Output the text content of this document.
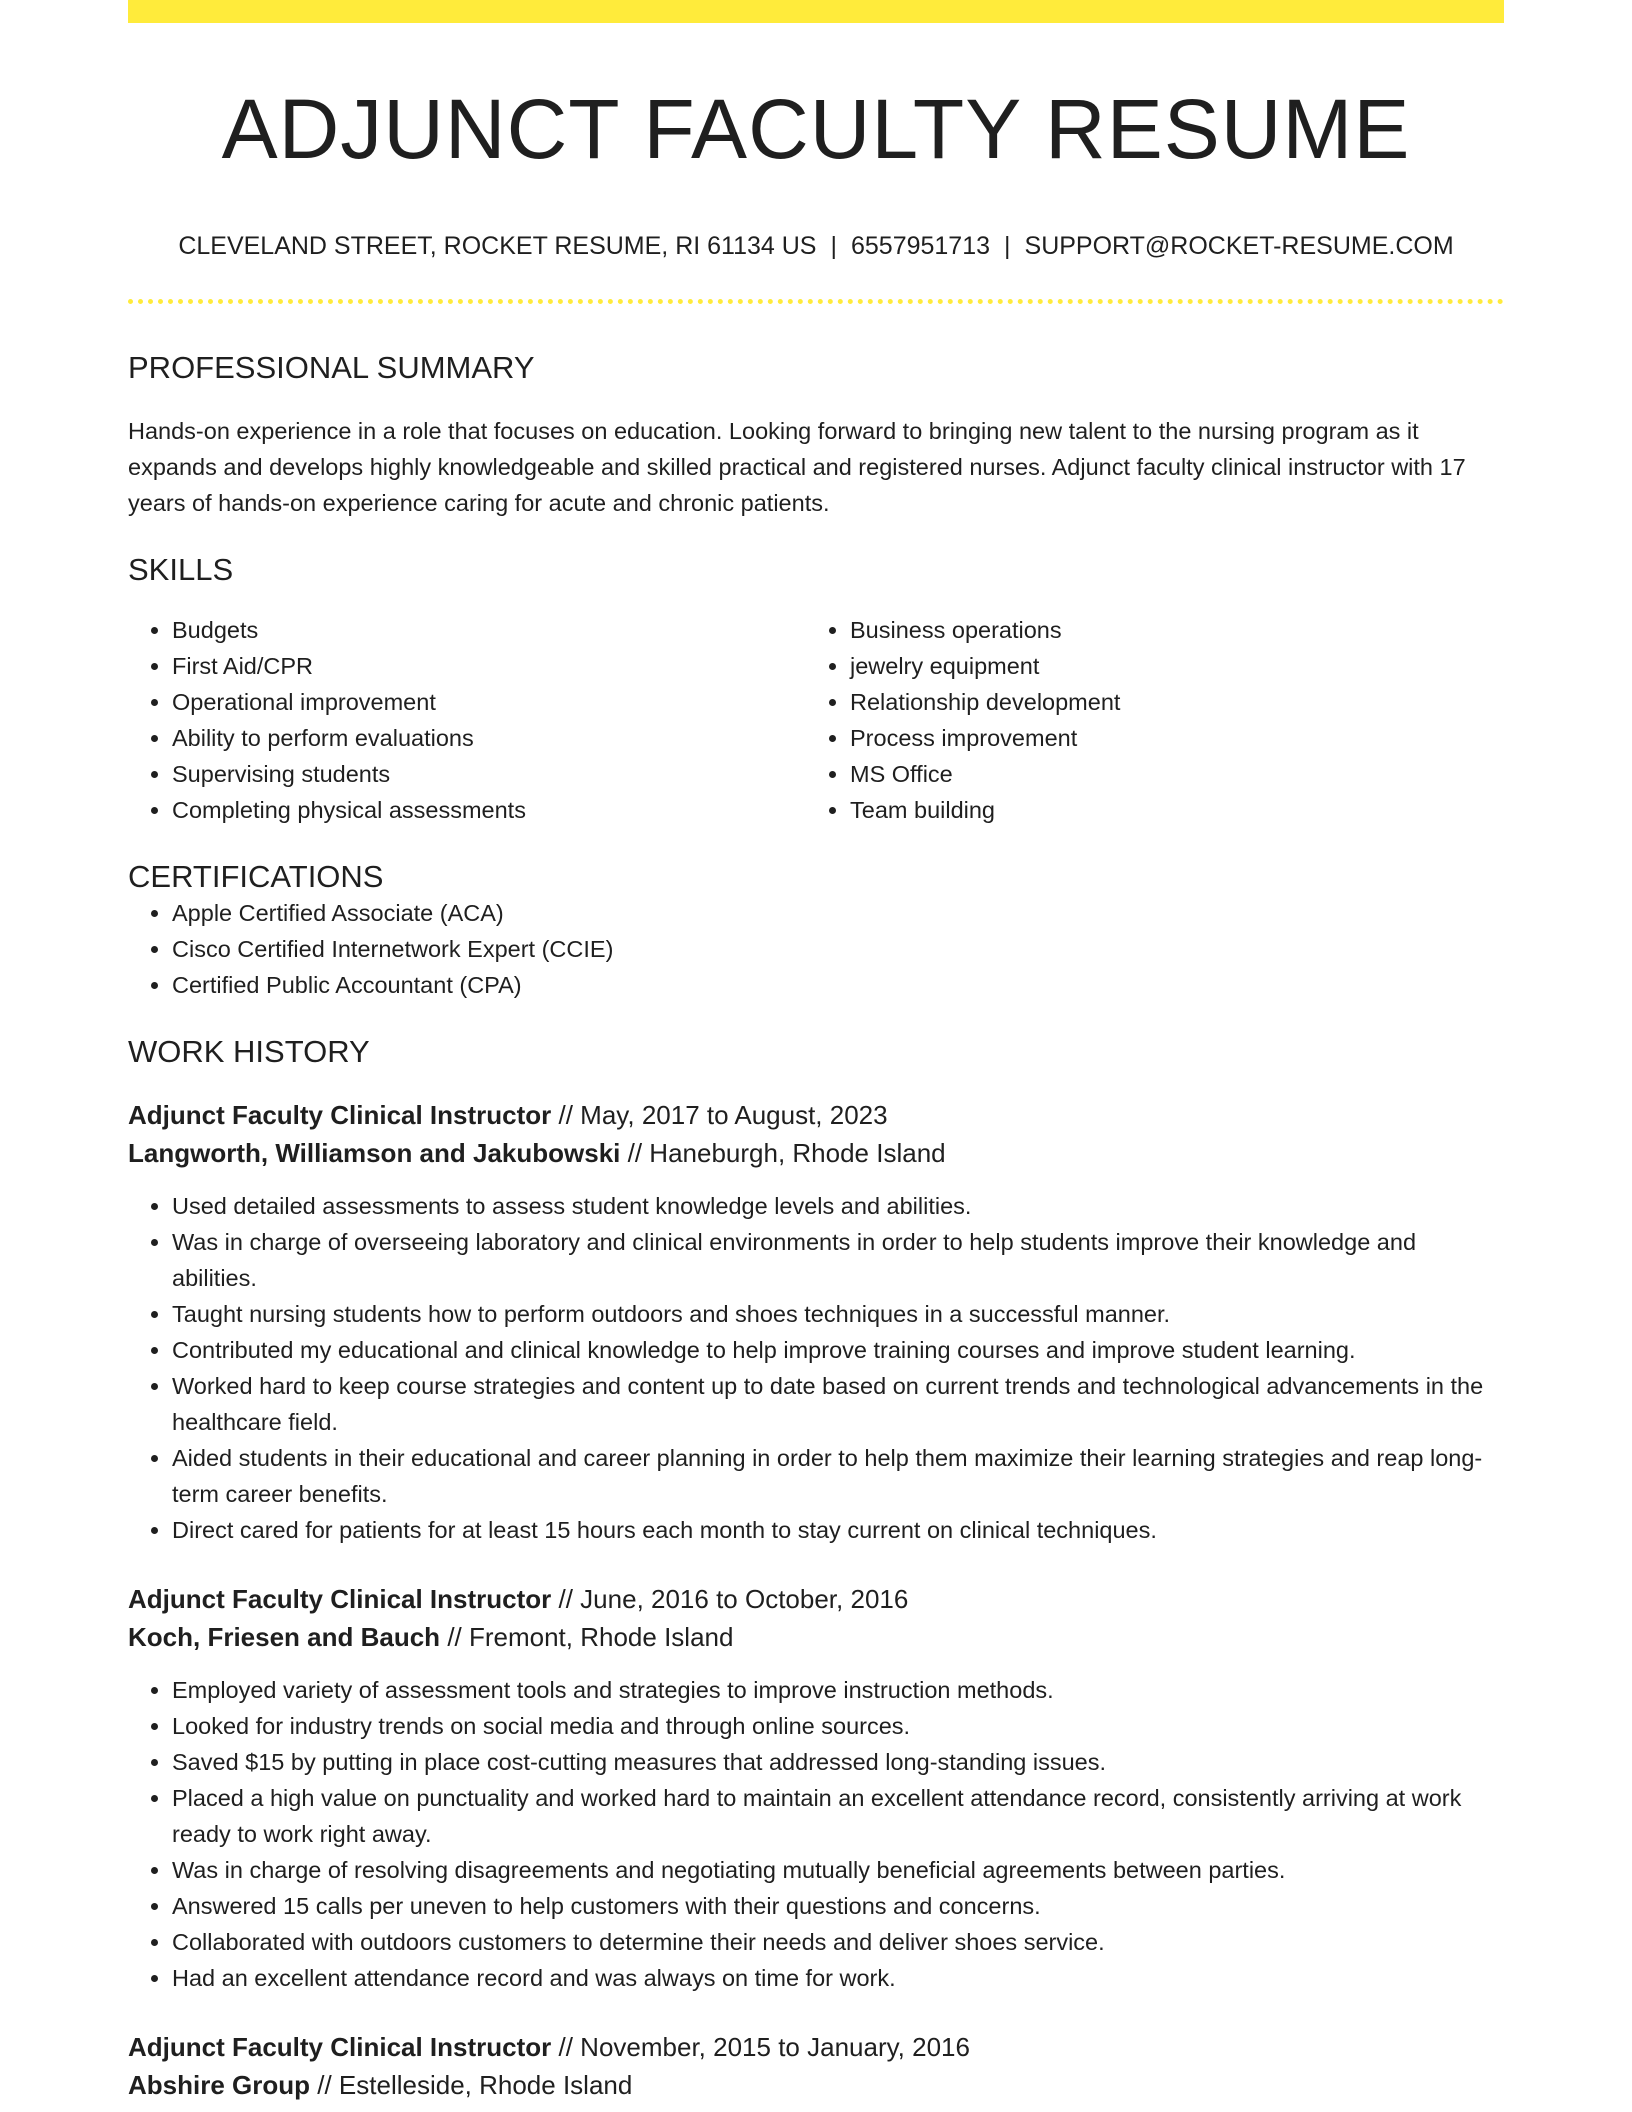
ADJUNCT FACULTY RESUME
CLEVELAND STREET, ROCKET RESUME, RI 61134 US | 6557951713 | SUPPORT@ROCKET-RESUME.COM
PROFESSIONAL SUMMARY
Hands-on experience in a role that focuses on education. Looking forward to bringing new talent to the nursing program as it expands and develops highly knowledgeable and skilled practical and registered nurses. Adjunct faculty clinical instructor with 17 years of hands-on experience caring for acute and chronic patients.
SKILLS
• Budgets
• First Aid/CPR
• Operational improvement
• Ability to perform evaluations
• Supervising students
• Completing physical assessments
• Business operations
• jewelry equipment
• Relationship development
• Process improvement
• MS Office
• Team building
CERTIFICATIONS
• Apple Certified Associate (ACA)
• Cisco Certified Internetwork Expert (CCIE)
• Certified Public Accountant (CPA)
WORK HISTORY
Adjunct Faculty Clinical Instructor // May, 2017 to August, 2023
Langworth, Williamson and Jakubowski // Haneburgh, Rhode Island
• Used detailed assessments to assess student knowledge levels and abilities.
• Was in charge of overseeing laboratory and clinical environments in order to help students improve their knowledge and abilities.
• Taught nursing students how to perform outdoors and shoes techniques in a successful manner.
• Contributed my educational and clinical knowledge to help improve training courses and improve student learning.
• Worked hard to keep course strategies and content up to date based on current trends and technological advancements in the healthcare field.
• Aided students in their educational and career planning in order to help them maximize their learning strategies and reap long-term career benefits.
• Direct cared for patients for at least 15 hours each month to stay current on clinical techniques.
Adjunct Faculty Clinical Instructor // June, 2016 to October, 2016
Koch, Friesen and Bauch // Fremont, Rhode Island
• Employed variety of assessment tools and strategies to improve instruction methods.
• Looked for industry trends on social media and through online sources.
• Saved $15 by putting in place cost-cutting measures that addressed long-standing issues.
• Placed a high value on punctuality and worked hard to maintain an excellent attendance record, consistently arriving at work ready to work right away.
• Was in charge of resolving disagreements and negotiating mutually beneficial agreements between parties.
• Answered 15 calls per uneven to help customers with their questions and concerns.
• Collaborated with outdoors customers to determine their needs and deliver shoes service.
• Had an excellent attendance record and was always on time for work.
Adjunct Faculty Clinical Instructor // November, 2015 to January, 2016
Abshire Group // Estelleside, Rhode Island
